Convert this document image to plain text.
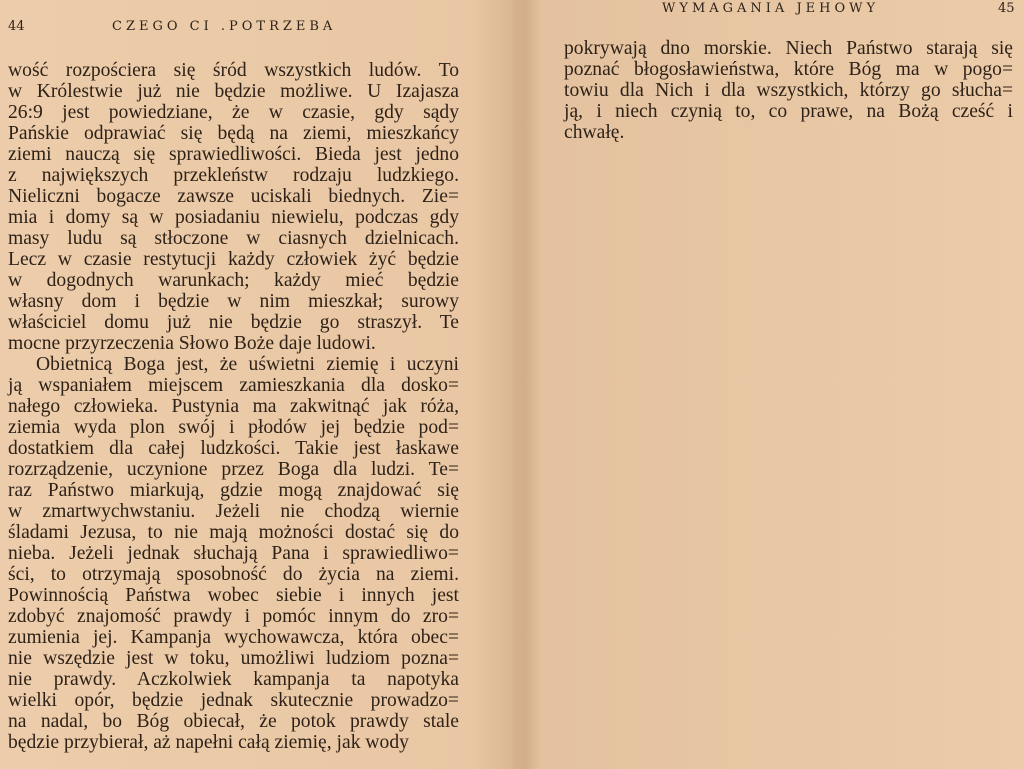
44	CZEGO CI .POTRZEBA
wość rozpościera się śród wszystkich ludów. To
w Królestwie już nie będzie możliwe. U Izajasza
26:9 jest powiedziane, że w czasie, gdy sądy
Pańskie odprawiać się będą na ziemi, mieszkańcy
ziemi nauczą się sprawiedliwości. Bieda jest jedno
z największych przekleństw rodzaju ludzkiego.
Nieliczni bogacze zawsze uciskali biednych. Zie=
mia i domy są w posiadaniu niewielu, podczas gdy
masy ludu są stłoczone w ciasnych dzielnicach.
Lecz w czasie restytucji każdy człowiek żyć będzie
w dogodnych warunkach; każdy mieć będzie
własny dom i będzie w nim mieszkał; surowy
właściciel domu już nie będzie go straszył. Te
mocne przyrzeczenia Słowo Boże daje ludowi.
Obietnicą Boga jest, że uświetni ziemię i uczyni
ją wspaniałem miejscem zamieszkania dla dosko=
nałego człowieka. Pustynia ma zakwitnąć jak róża,
ziemia wyda plon swój i płodów jej będzie pod=
dostatkiem dla całej ludzkości. Takie jest łaskawe
rozrządzenie, uczynione przez Boga dla ludzi. Te=
raz Państwo miarkują, gdzie mogą znajdować się
w zmartwychwstaniu. Jeżeli nie chodzą wiernie
śladami Jezusa, to nie mają możności dostać się do
nieba. Jeżeli jednak słuchają Pana i sprawiedliwo=
ści, to otrzymają sposobność do życia na ziemi.
Powinnością Państwa wobec siebie i innych jest
zdobyć znajomość prawdy i pomóc innym do zro=
zumienia jej. Kampanja wychowawcza, która obec=
nie wszędzie jest w toku, umożliwi ludziom pozna=
nie prawdy. Aczkolwiek kampanja ta napotyka
wielki opór, będzie jednak skutecznie prowadzo=
na nadal, bo Bóg obiecał, że potok prawdy stale
będzie przybierał, aż napełni całą ziemię, jak wody
WYMAGANIA JEHOWY	45
pokrywają dno morskie. Niech Państwo starają się
poznać błogosławieństwa, które Bóg ma w pogo=
towiu dla Nich i dla wszystkich, którzy go słucha=
ją, i niech czynią to, co prawe, na Bożą cześć i
chwałę.
